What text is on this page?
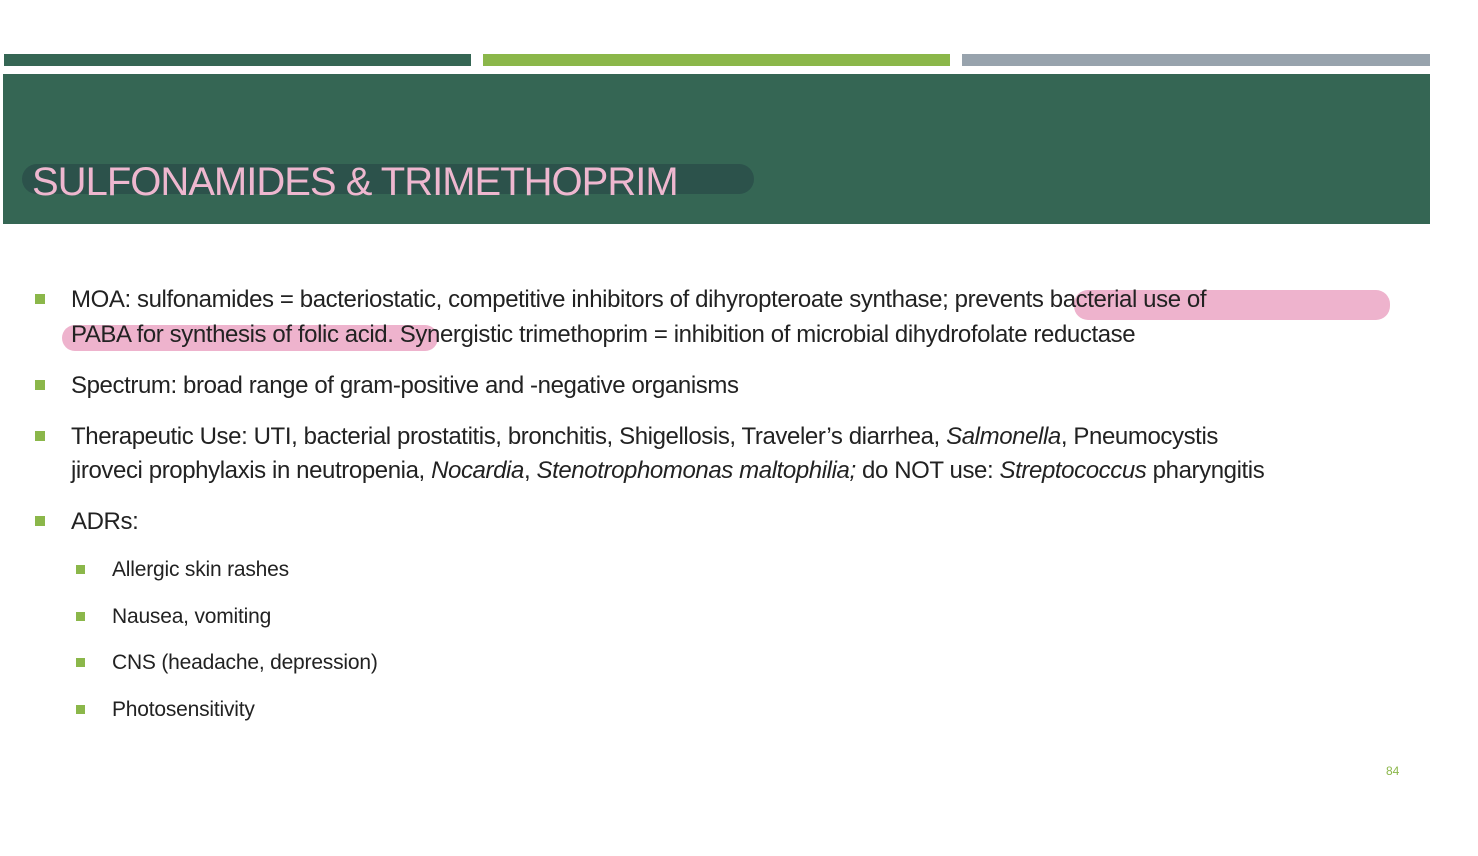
SULFONAMIDES & TRIMETHOPRIM
MOA: sulfonamides = bacteriostatic, competitive inhibitors of dihyropteroate synthase; prevents bacterial use of
PABA for synthesis of folic acid. Synergistic trimethoprim = inhibition of microbial dihydrofolate reductase
Spectrum: broad range of gram-positive and -negative organisms
Therapeutic Use: UTI, bacterial prostatitis, bronchitis, Shigellosis, Traveler’s diarrhea, Salmonella, Pneumocystis
jiroveci prophylaxis in neutropenia, Nocardia, Stenotrophomonas maltophilia; do NOT use: Streptococcus pharyngitis
ADRs:
Allergic skin rashes
Nausea, vomiting
CNS (headache, depression)
Photosensitivity
84
